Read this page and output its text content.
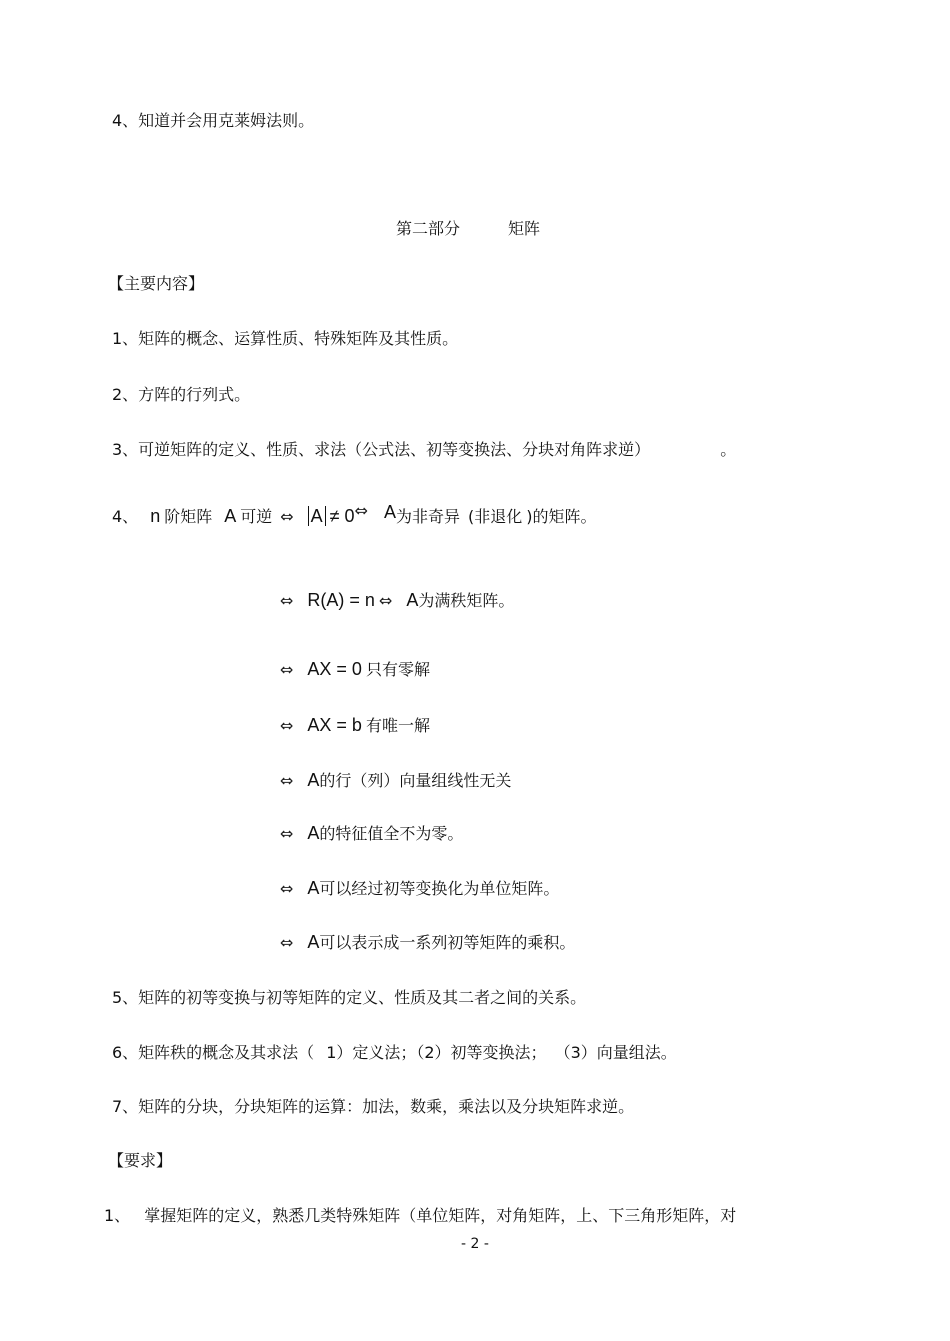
4、知道并会用克莱姆法则。
第二部分	矩阵
【主要内容】
1、矩阵的概念、运算性质、特殊矩阵及其性质。
2、方阵的行列式。
3、可逆矩阵的定义、性质、求法（公式法、初等变换法、分块对角阵求逆）	。
4、 n 阶矩阵 A 可逆 ⇔ A ≠ 0⇔ A为非奇异 (非退化 )的矩阵。
⇔ R(A) = n ⇔ A为满秩矩阵。
⇔ AX = 0 只有零解
⇔ AX = b 有唯一解
⇔ A的行（列）向量组线性无关
⇔ A的特征值全不为零。
⇔ A可以经过初等变换化为单位矩阵。
⇔ A可以表示成一系列初等矩阵的乘积。
5、矩阵的初等变换与初等矩阵的定义、性质及其二者之间的关系。
6、矩阵秩的概念及其求法（ 1）定义法；（2）初等变换法； （3）向量组法。
7、矩阵的分块，分块矩阵的运算：加法，数乘，乘法以及分块矩阵求逆。
【要求】
1、 掌握矩阵的定义，熟悉几类特殊矩阵（单位矩阵，对角矩阵，上、下三角形矩阵，对
- 2 -
